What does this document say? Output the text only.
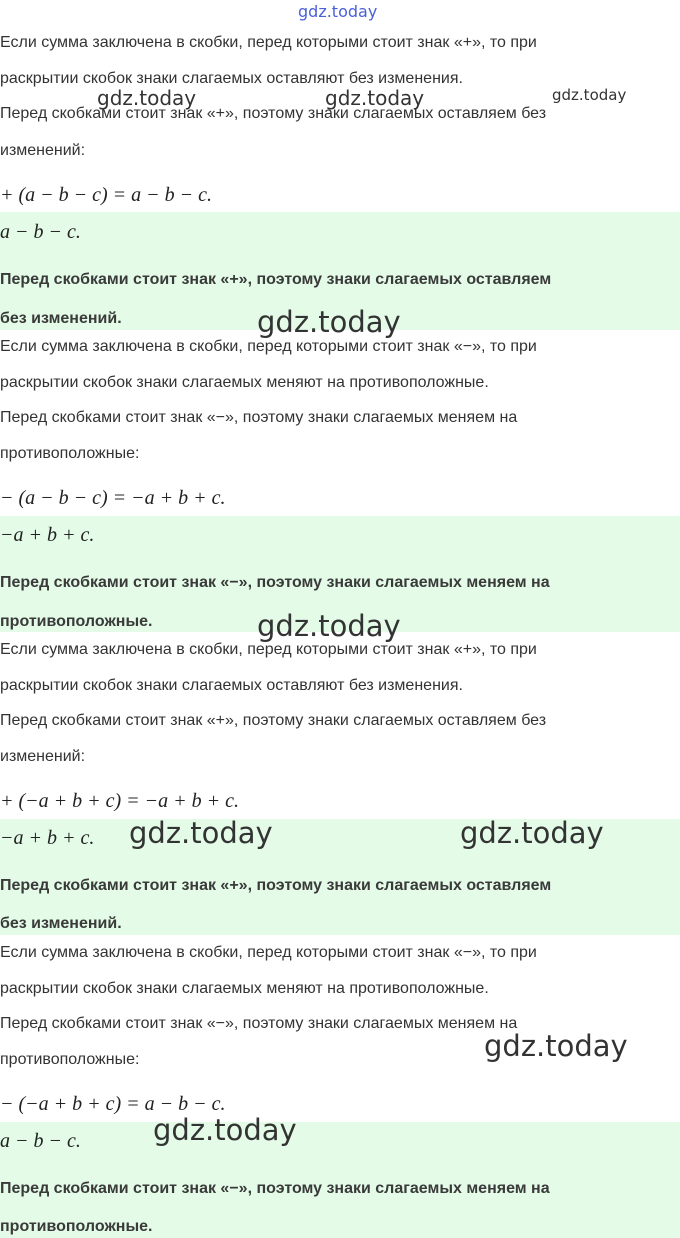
gdz.today
Если сумма заключена в скобки, перед которыми стоит знак «+», то при
раскрытии скобок знаки слагаемых оставляют без изменения.
Перед скобками стоит знак «+», поэтому знаки слагаемых оставляем без
изменений:
+ (a − b − c) = a − b − c.
a − b − c.
Перед скобками стоит знак «+», поэтому знаки слагаемых оставляем
без изменений.
Если сумма заключена в скобки, перед которыми стоит знак «−», то при
раскрытии скобок знаки слагаемых меняют на противоположные.
Перед скобками стоит знак «−», поэтому знаки слагаемых меняем на
противоположные:
− (a − b − c) = −a + b + c.
−a + b + c.
Перед скобками стоит знак «−», поэтому знаки слагаемых меняем на
противоположные.
Если сумма заключена в скобки, перед которыми стоит знак «+», то при
раскрытии скобок знаки слагаемых оставляют без изменения.
Перед скобками стоит знак «+», поэтому знаки слагаемых оставляем без
изменений:
+ (−a + b + c) = −a + b + c.
−a + b + c.
Перед скобками стоит знак «+», поэтому знаки слагаемых оставляем
без изменений.
Если сумма заключена в скобки, перед которыми стоит знак «−», то при
раскрытии скобок знаки слагаемых меняют на противоположные.
Перед скобками стоит знак «−», поэтому знаки слагаемых меняем на
противоположные:
− (−a + b + c) = a − b − c.
a − b − c.
Перед скобками стоит знак «−», поэтому знаки слагаемых меняем на
противоположные.
gdz.today	gdz.today	gdz.today
gdz.today
gdz.today
gdz.today	gdz.today
gdz.today
gdz.today
